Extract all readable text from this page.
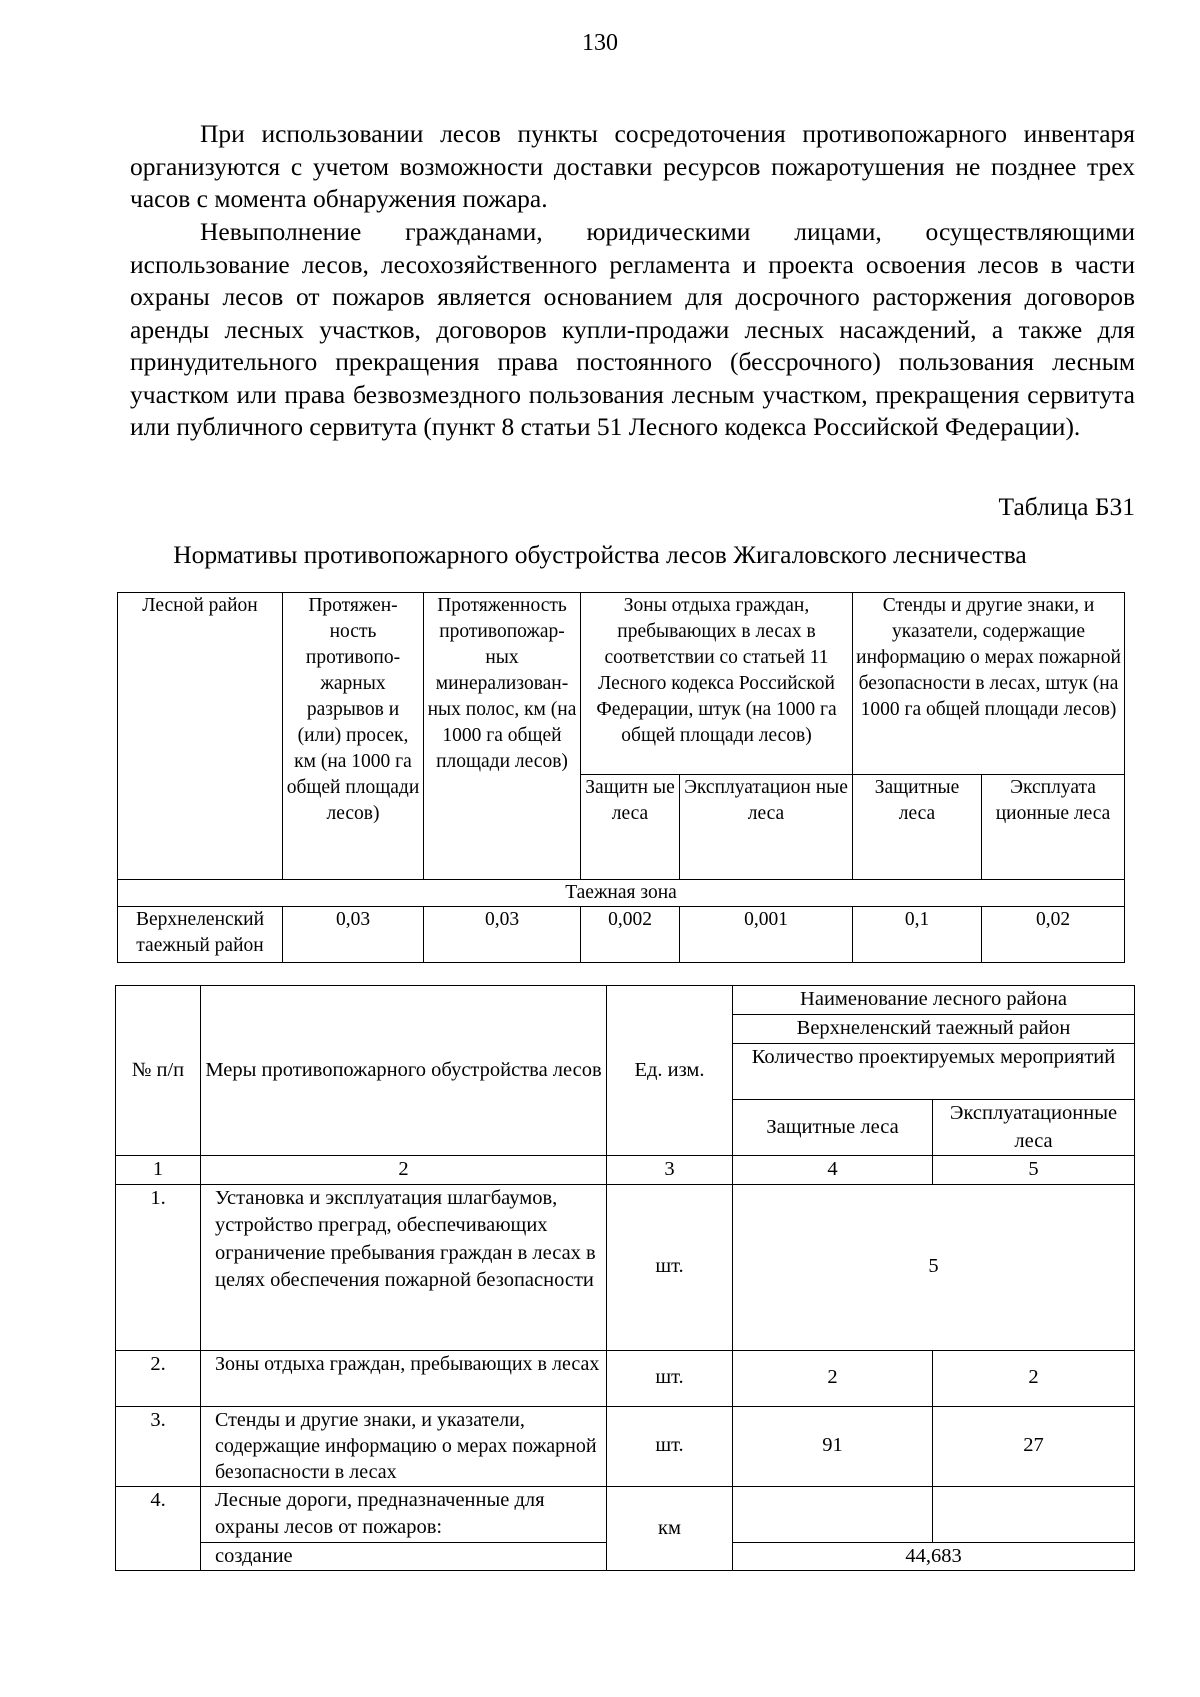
130

При использовании лесов пункты сосредоточения противопожарного инвентаря организуются с учетом возможности доставки ресурсов пожаротушения не позднее трех часов с момента обнаружения пожара.

Невыполнение гражданами, юридическими лицами, осуществляющими использование лесов, лесохозяйственного регламента и проекта освоения лесов в части охраны лесов от пожаров является основанием для досрочного расторжения договоров аренды лесных участков, договоров купли-продажи лесных насаждений, а также для принудительного прекращения права постоянного (бессрочного) пользования лесным участком или права безвозмездного пользования лесным участком, прекращения сервитута или публичного сервитута (пункт 8 статьи 51 Лесного кодекса Российской Федерации).

Таблица Б31
Нормативы противопожарного обустройства лесов Жигаловского лесничества
Лесной район	Протяжен-ность противопо-жарных разрывов и (или) просек, км (на 1000 га общей площади лесов)	Протяженность противопожар-ных минерализован-ных полос, км (на 1000 га общей площади лесов)	Зоны отдыха граждан, пребывающих в лесах в соответствии со статьей 11 Лесного кодекса Российской Федерации, штук (на 1000 га общей площади лесов)		Стенды и другие знаки, и указатели, содержащие информацию о мерах пожарной безопасности в лесах, штук (на 1000 га общей площади лесов)	
			Защитн ые леса	Эксплуатацион ные леса	Защитные леса	Эксплуата ционные леса
Таежная зона						
Верхнеленский таежный район	0,03	0,03	0,002	0,001	0,1	0,02
№ п/п	Меры противопожарного обустройства лесов	Ед. изм.	Наименование лесного района	
			Верхнеленский таежный район	
			Количество проектируемых мероприятий	
			Защитные леса	Эксплуатационные леса
1	2	3	4	5
1.	Установка и эксплуатация шлагбаумов, устройство преград, обеспечивающих ограничение пребывания граждан в лесах в целях обеспечения пожарной безопасности	шт.	5	
2.	Зоны отдыха граждан, пребывающих в лесах	шт.	2	2
3.	Стенды и другие знаки, и указатели, содержащие информацию о мерах пожарной безопасности в лесах	шт.	91	27
4.	Лесные дороги, предназначенные для охраны лесов от пожаров:	км		
	создание		44,683	
